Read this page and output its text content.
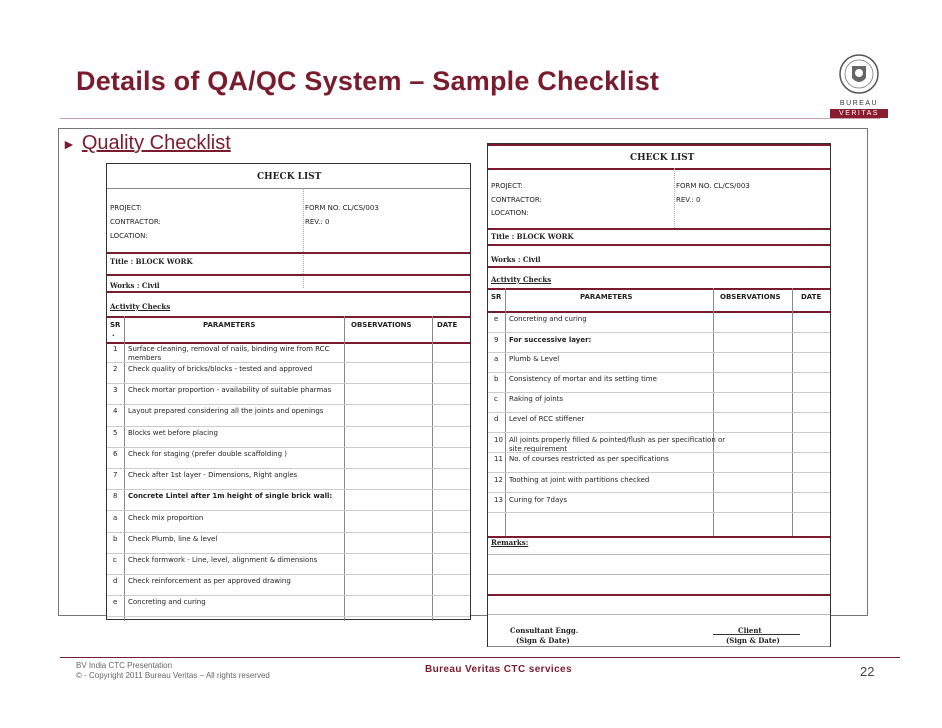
Details of QA/QC System – Sample Checklist
BUREAU
VERITAS
► Quality Checklist
CHECK LIST
PROJECT:	FORM NO. CL/CS/003
CONTRACTOR:	REV.: 0
LOCATION:
Title : BLOCK WORK
Works : Civil
Activity Checks
SR
.
PARAMETERS	OBSERVATIONS	DATE
1 Surface cleaning, removal of nails, binding wire from RCC
members
2 Check quality of bricks/blocks - tested and approved
3 Check mortar proportion - availability of suitable pharmas
4 Layout prepared considering all the joints and openings
5 Blocks wet before placing
6 Check for staging (prefer double scaffolding )
7 Check after 1st layer - Dimensions, Right angles
8 Concrete Lintel after 1m height of single brick wall:
a Check mix proportion
b Check Plumb, line & level
c Check formwork - Line, level, alignment & dimensions
d Check reinforcement as per approved drawing
e Concreting and curing
CHECK LIST
PROJECT:	FORM NO. CL/CS/003
CONTRACTOR:	REV.: 0
LOCATION:
Title : BLOCK WORK
Works : Civil
Activity Checks
SR	PARAMETERS	OBSERVATIONS	DATE
e Concreting and curing
9 For successive layer:
a Plumb & Level
b Consistency of mortar and its setting time
c Raking of joints
d Level of RCC stiffener
10 All joints properly filled & pointed/flush as per specification or
site requirement
11 No. of courses restricted as per specifications
12 Toothing at joint with partitions checked
13 Curing for 7days
Remarks:
Consultant Engg.
(Sign & Date)
Client
(Sign & Date)
BV India CTC Presentation
© - Copyright 2011 Bureau Veritas – All rights reserved
Bureau Veritas CTC services	22
